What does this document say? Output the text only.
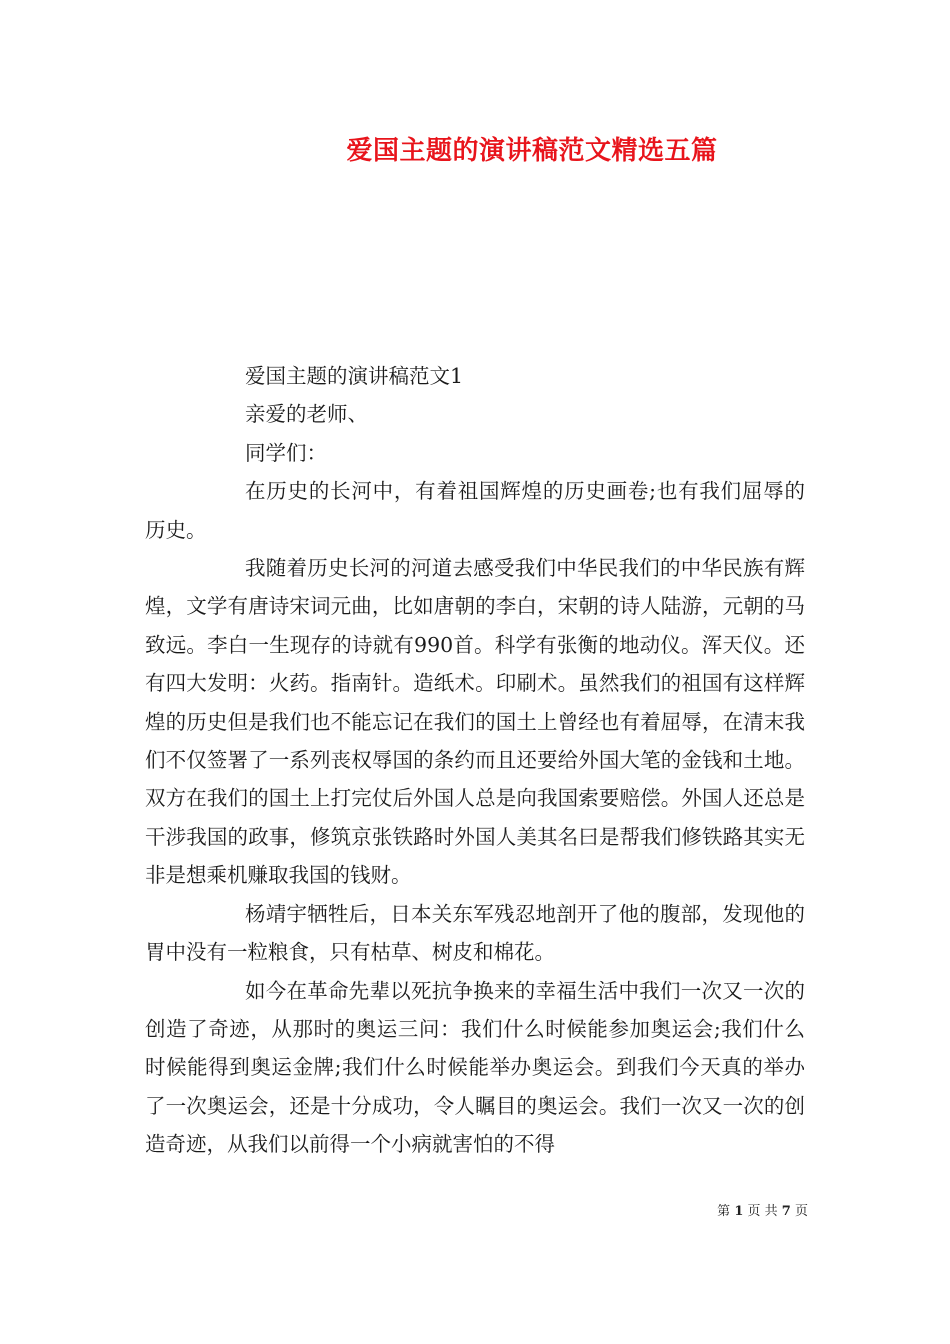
爱国主题的演讲稿范文精选五篇

爱国主题的演讲稿范文1

亲爱的老师、

同学们：

在历史的长河中，有着祖国辉煌的历史画卷;也有我们屈辱的历史。

我随着历史长河的河道去感受我们中华民我们的中华民族有辉煌，文学有唐诗宋词元曲，比如唐朝的李白，宋朝的诗人陆游，元朝的马致远。李白一生现存的诗就有990首。科学有张衡的地动仪。浑天仪。还有四大发明：火药。指南针。造纸术。印刷术。虽然我们的祖国有这样辉煌的历史但是我们也不能忘记在我们的国土上曾经也有着屈辱，在清末我们不仅签署了一系列丧权辱国的条约而且还要给外国大笔的金钱和土地。双方在我们的国土上打完仗后外国人总是向我国索要赔偿。外国人还总是干涉我国的政事，修筑京张铁路时外国人美其名曰是帮我们修铁路其实无非是想乘机赚取我国的钱财。

杨靖宇牺牲后，日本关东军残忍地剖开了他的腹部，发现他的胃中没有一粒粮食，只有枯草、树皮和棉花。

如今在革命先辈以死抗争换来的幸福生活中我们一次又一次的创造了奇迹，从那时的奥运三问：我们什么时候能参加奥运会;我们什么时候能得到奥运金牌;我们什么时候能举办奥运会。到我们今天真的举办了一次奥运会，还是十分成功，令人瞩目的奥运会。我们一次又一次的创造奇迹，从我们以前得一个小病就害怕的不得

第 1 页 共 7 页
